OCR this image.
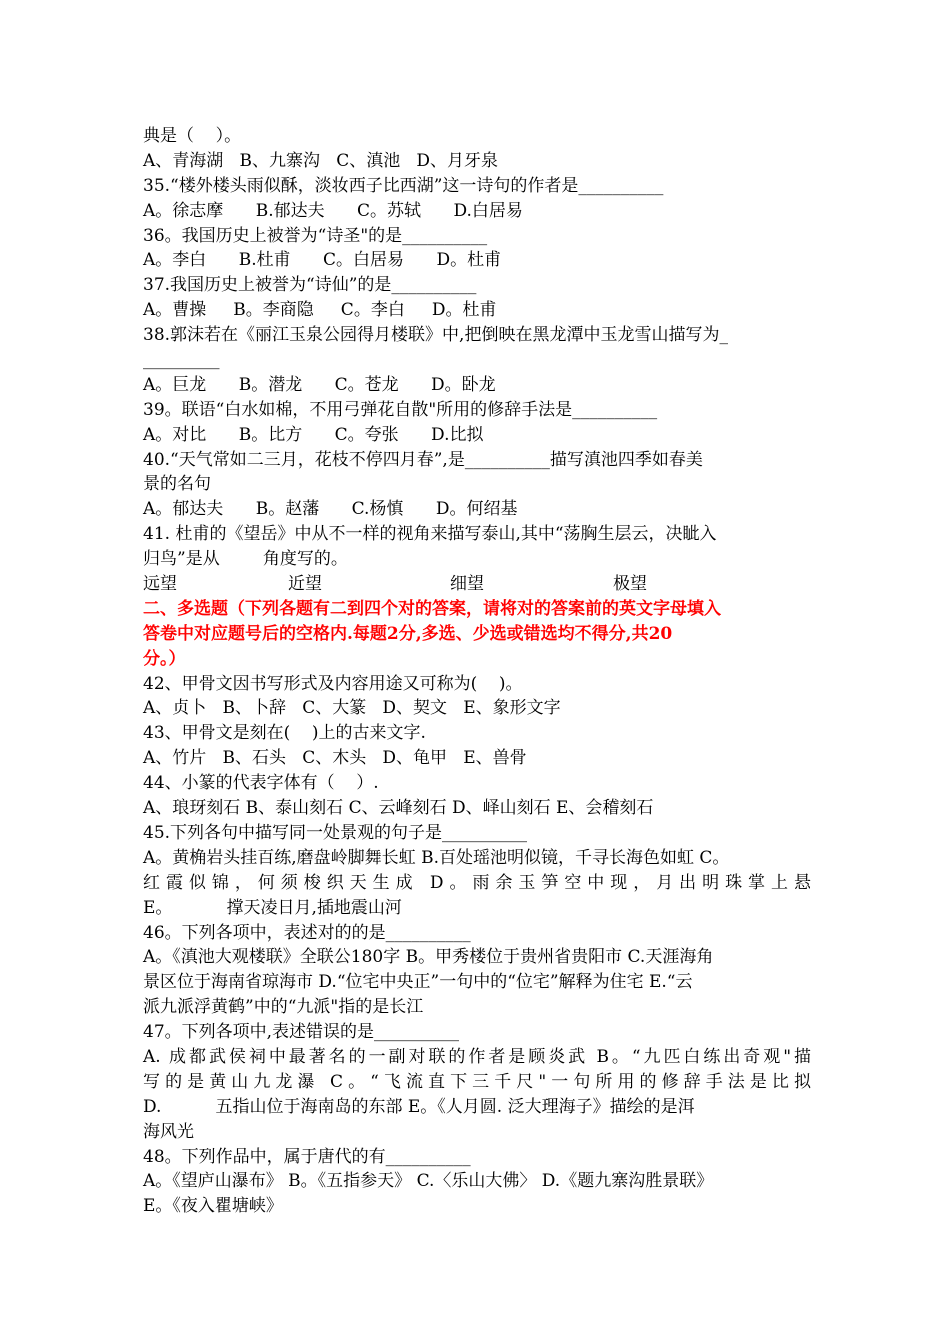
典是（    ）。
A、青海湖   B、九寨沟   C、滇池   D、月牙泉
35.“楼外楼头雨似酥，淡妆西子比西湖”这一诗句的作者是__________
A。徐志摩      B.郁达夫      C。苏轼      D.白居易
36。我国历史上被誉为“诗圣"的是__________
A。李白      B.杜甫      C。白居易      D。杜甫
37.我国历史上被誉为“诗仙”的是__________
A。曹操     B。李商隐     C。李白     D。杜甫
38.郭沫若在《丽江玉泉公园得月楼联》中,把倒映在黑龙潭中玉龙雪山描写为_
_________
A。巨龙      B。潜龙      C。苍龙      D。卧龙
39。联语“白水如棉，不用弓弹花自散"所用的修辞手法是__________
A。对比      B。比方      C。夸张      D.比拟
40.“天气常如二三月，花枝不停四月春”,是__________描写滇池四季如春美
景的名句
A。郁达夫      B。赵藩      C.杨慎      D。何绍基
41. 杜甫的《望岳》中从不一样的视角来描写泰山,其中“荡胸生层云，决眦入
归鸟”是从        角度写的。
远望	近望	细望	极望
二、多选题（下列各题有二到四个对的答案，请将对的答案前的英文字母填入
答卷中对应题号后的空格内.每题2分,多选、少选或错选均不得分,共20
分。）
42、甲骨文因书写形式及内容用途又可称为(    )。
A、贞卜   B、卜辞   C、大篆   D、契文   E、象形文字
43、甲骨文是刻在(    )上的古来文字.
A、竹片   B、石头   C、木头   D、龟甲   E、兽骨
44、小篆的代表字体有（    ）.
A、琅玡刻石 B、泰山刻石 C、云峰刻石 D、峄山刻石 E、会稽刻石
45.下列各句中描写同一处景观的句子是__________
A。黄桷岩头挂百练,磨盘岭脚舞长虹 B.百处瑶池明似镜，千寻长海色如虹 C。
红霞似锦，何须梭织天生成 D。雨余玉笋空中现，月出明珠掌上悬
E。          撑天凌日月,插地震山河
46。下列各项中，表述对的的是__________
A。《滇池大观楼联》全联公180字 B。甲秀楼位于贵州省贵阳市 C.天涯海角
景区位于海南省琼海市 D.“位宅中央正”一句中的“位宅”解释为住宅 E.“云
派九派浮黄鹤”中的“九派"指的是长江
47。下列各项中,表述错误的是__________
A. 成都武侯祠中最著名的一副对联的作者是顾炎武 B。“九匹白练出奇观"描
写的是黄山九龙瀑 C。“飞流直下三千尺"一句所用的修辞手法是比拟
D.          五指山位于海南岛的东部 E。《人月圆. 泛大理海子》描绘的是洱
海风光
48。下列作品中，属于唐代的有__________
A。《望庐山瀑布》 B。《五指参天》 C.〈乐山大佛〉 D.《题九寨沟胜景联》
E。《夜入瞿塘峡》
